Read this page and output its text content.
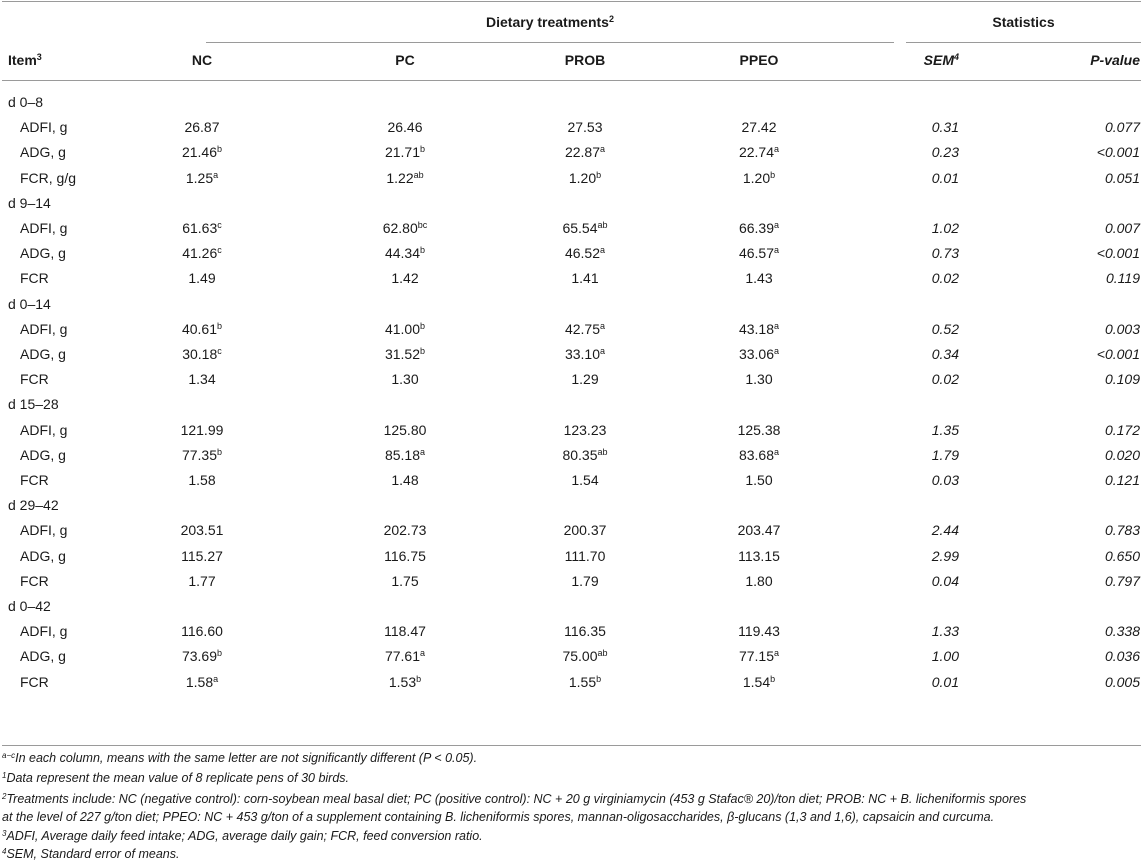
Dietary treatments$^2$	Statistics
Item$^3$	NC	PC	PROB	PPEO	SEM$^4$	P-value
d 0–8
ADFI, g	26.87	26.46	27.53	27.42	0.31	0.077
ADG, g	21.46$^b$	21.71$^b$	22.87$^a$	22.74$^a$	0.23	<0.001
FCR, g/g	1.25$^a$	1.22$^{ab}$	1.20$^b$	1.20$^b$	0.01	0.051
d 9–14
ADFI, g	61.63$^c$	62.80$^{bc}$	65.54$^{ab}$	66.39$^a$	1.02	0.007
ADG, g	41.26$^c$	44.34$^b$	46.52$^a$	46.57$^a$	0.73	<0.001
FCR	1.49	1.42	1.41	1.43	0.02	0.119
d 0–14
ADFI, g	40.61$^b$	41.00$^b$	42.75$^a$	43.18$^a$	0.52	0.003
ADG, g	30.18$^c$	31.52$^b$	33.10$^a$	33.06$^a$	0.34	<0.001
FCR	1.34	1.30	1.29	1.30	0.02	0.109
d 15–28
ADFI, g	121.99	125.80	123.23	125.38	1.35	0.172
ADG, g	77.35$^b$	85.18$^a$	80.35$^{ab}$	83.68$^a$	1.79	0.020
FCR	1.58	1.48	1.54	1.50	0.03	0.121
d 29–42
ADFI, g	203.51	202.73	200.37	203.47	2.44	0.783
ADG, g	115.27	116.75	111.70	113.15	2.99	0.650
FCR	1.77	1.75	1.79	1.80	0.04	0.797
d 0–42
ADFI, g	116.60	118.47	116.35	119.43	1.33	0.338
ADG, g	73.69$^b$	77.61$^a$	75.00$^{ab}$	77.15$^a$	1.00	0.036
FCR	1.58$^a$	1.53$^b$	1.55$^b$	1.54$^b$	0.01	0.005
$^{a-c}$In each column, means with the same letter are not significantly different (P < 0.05).
$^1$Data represent the mean value of 8 replicate pens of 30 birds.
$^2$Treatments include: NC (negative control): corn-soybean meal basal diet; PC (positive control): NC + 20 g virginiamycin (453 g Stafac® 20)/ton diet; PROB: NC + B. licheniformis spores
at the level of 227 g/ton diet; PPEO: NC + 453 g/ton of a supplement containing B. licheniformis spores, mannan-oligosaccharides, β-glucans (1,3 and 1,6), capsaicin and curcuma.
$^3$ADFI, Average daily feed intake; ADG, average daily gain; FCR, feed conversion ratio.
$^4$SEM, Standard error of means.
